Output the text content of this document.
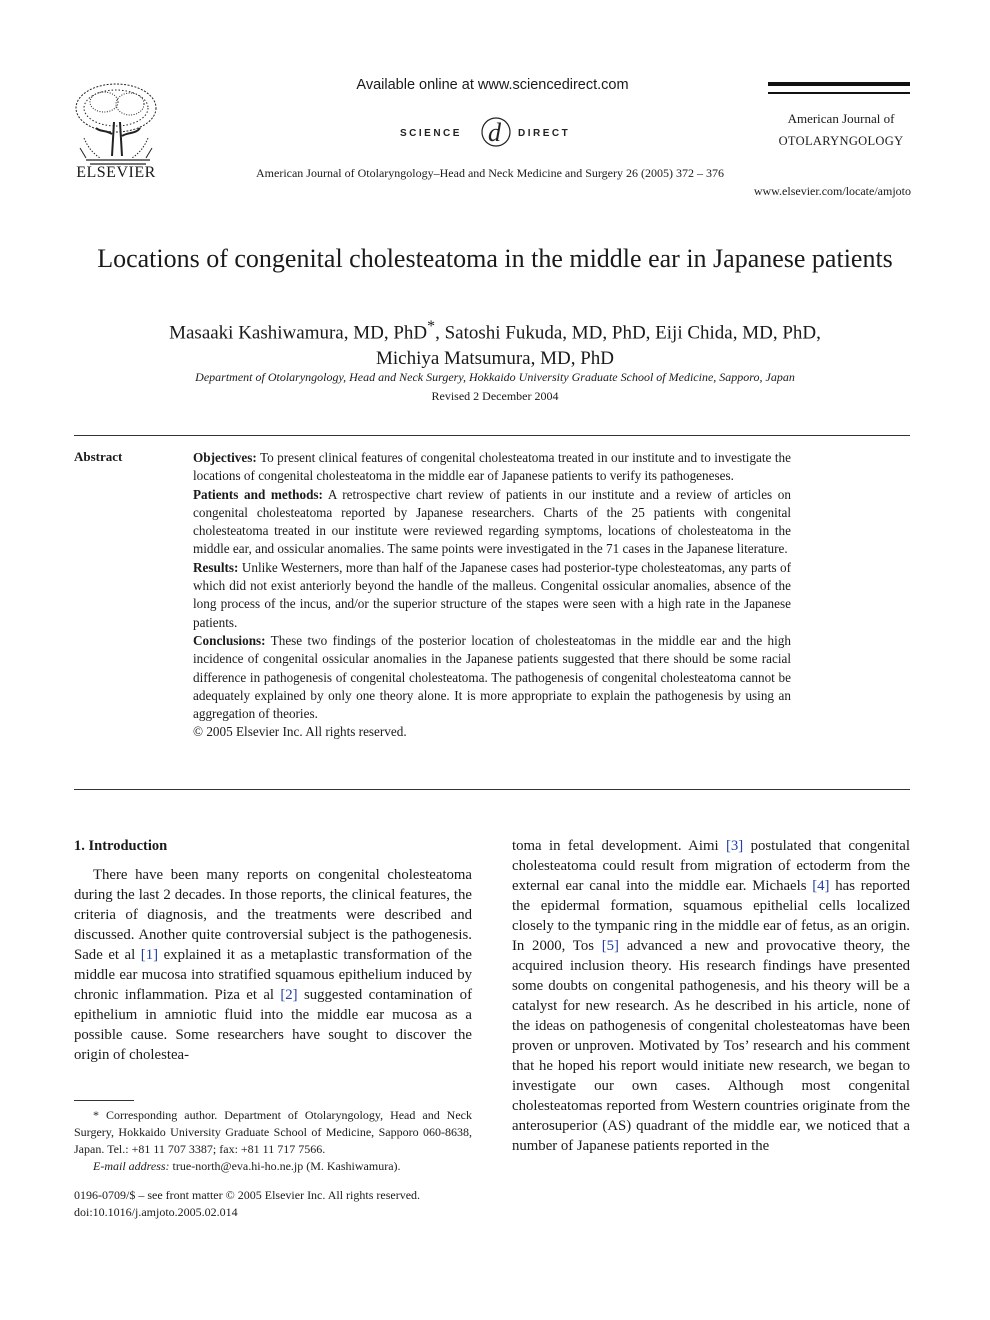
ELSEVIER
Available online at www.sciencedirect.com
SCIENCE d DIRECT
American Journal of Otolaryngology–Head and Neck Medicine and Surgery 26 (2005) 372 – 376
American Journal of
OTOLARYNGOLOGY
www.elsevier.com/locate/amjoto
Locations of congenital cholesteatoma in the middle ear in Japanese patients
Masaaki Kashiwamura, MD, PhD*, Satoshi Fukuda, MD, PhD, Eiji Chida, MD, PhD,
Michiya Matsumura, MD, PhD
Department of Otolaryngology, Head and Neck Surgery, Hokkaido University Graduate School of Medicine, Sapporo, Japan
Revised 2 December 2004
Abstract	Objectives: To present clinical features of congenital cholesteatoma treated in our institute and to investigate the locations of congenital cholesteatoma in the middle ear of Japanese patients to verify its pathogeneses.

Patients and methods: A retrospective chart review of patients in our institute and a review of articles on congenital cholesteatoma reported by Japanese researchers. Charts of the 25 patients with congenital cholesteatoma treated in our institute were reviewed regarding symptoms, locations of cholesteatoma in the middle ear, and ossicular anomalies. The same points were investigated in the 71 cases in the Japanese literature.

Results: Unlike Westerners, more than half of the Japanese cases had posterior-type cholesteatomas, any parts of which did not exist anteriorly beyond the handle of the malleus. Congenital ossicular anomalies, absence of the long process of the incus, and/or the superior structure of the stapes were seen with a high rate in the Japanese patients.

Conclusions: These two findings of the posterior location of cholesteatomas in the middle ear and the high incidence of congenital ossicular anomalies in the Japanese patients suggested that there should be some racial difference in pathogenesis of congenital cholesteatoma. The pathogenesis of congenital cholesteatoma cannot be adequately explained by only one theory alone. It is more appropriate to explain the pathogenesis by using an aggregation of theories.

© 2005 Elsevier Inc. All rights reserved.

1. Introduction

There have been many reports on congenital cholesteatoma during the last 2 decades. In those reports, the clinical features, the criteria of diagnosis, and the treatments were described and discussed. Another quite controversial subject is the pathogenesis. Sade et al [1] explained it as a metaplastic transformation of the middle ear mucosa into stratified squamous epithelium induced by chronic inflammation. Piza et al [2] suggested contamination of epithelium in amniotic fluid into the middle ear mucosa as a possible cause. Some researchers have sought to discover the origin of cholestea-

toma in fetal development. Aimi [3] postulated that congenital cholesteatoma could result from migration of ectoderm from the external ear canal into the middle ear. Michaels [4] has reported the epidermal formation, squamous epithelial cells localized closely to the tympanic ring in the middle ear of fetus, as an origin. In 2000, Tos [5] advanced a new and provocative theory, the acquired inclusion theory. His research findings have presented some doubts on congenital pathogenesis, and his theory will be a catalyst for new research. As he described in his article, none of the ideas on pathogenesis of congenital cholesteatomas have been proven or unproven. Motivated by Tos’ research and his comment that he hoped his report would initiate new research, we began to investigate our own cases. Although most congenital cholesteatomas reported from Western countries originate from the anterosuperior (AS) quadrant of the middle ear, we noticed that a number of Japanese patients reported in the

* Corresponding author. Department of Otolaryngology, Head and Neck Surgery, Hokkaido University Graduate School of Medicine, Sapporo 060-8638, Japan. Tel.: +81 11 707 3387; fax: +81 11 717 7566.

E-mail address: true-north@eva.hi-ho.ne.jp (M. Kashiwamura).

0196-0709/$ – see front matter © 2005 Elsevier Inc. All rights reserved.

doi:10.1016/j.amjoto.2005.02.014
